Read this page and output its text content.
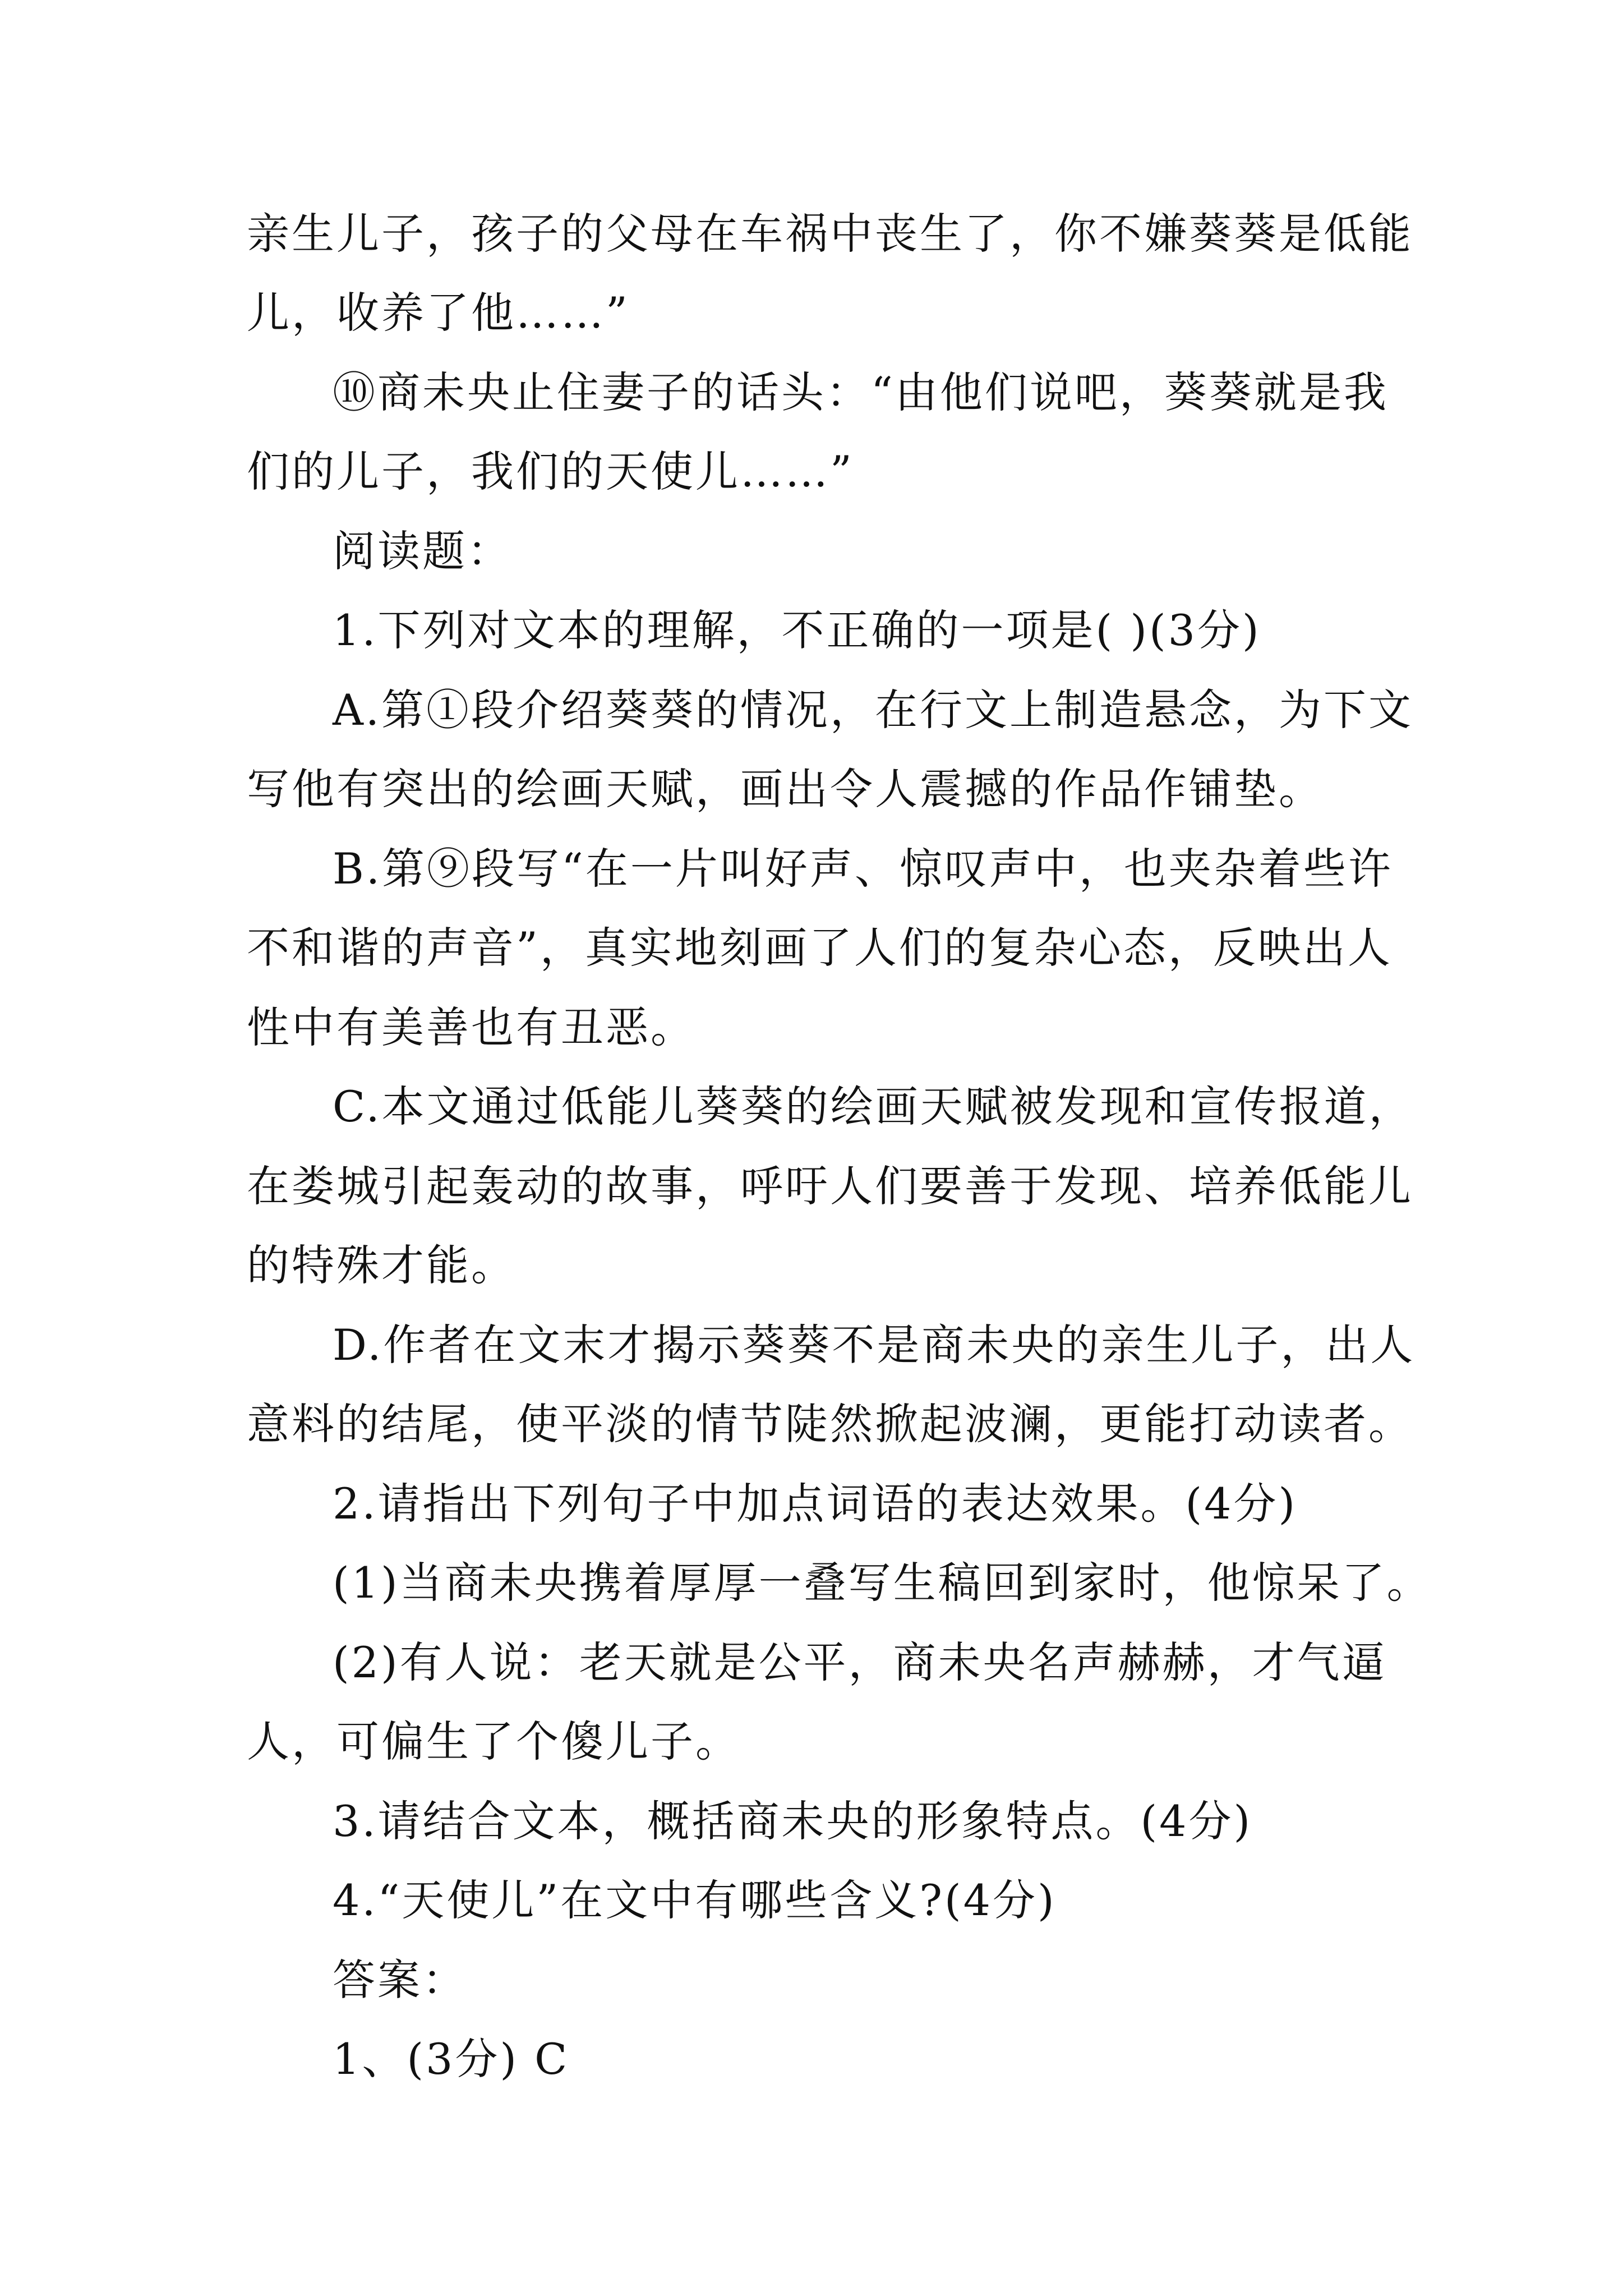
亲生儿子，孩子的父母在车祸中丧生了，你不嫌葵葵是低能
儿，收养了他……”
⑩商未央止住妻子的话头：“由他们说吧，葵葵就是我
们的儿子，我们的天使儿……”
阅读题：
1.下列对文本的理解，不正确的一项是( )(3分)
A.第①段介绍葵葵的情况，在行文上制造悬念，为下文
写他有突出的绘画天赋，画出令人震撼的作品作铺垫。
B.第⑨段写“在一片叫好声、惊叹声中，也夹杂着些许
不和谐的声音”，真实地刻画了人们的复杂心态，反映出人
性中有美善也有丑恶。
C.本文通过低能儿葵葵的绘画天赋被发现和宣传报道，
在娄城引起轰动的故事，呼吁人们要善于发现、培养低能儿
的特殊才能。
D.作者在文末才揭示葵葵不是商未央的亲生儿子，出人
意料的结尾，使平淡的情节陡然掀起波澜，更能打动读者。
2.请指出下列句子中加点词语的表达效果。(4分)
(1)当商未央携着厚厚一叠写生稿回到家时，他惊呆了。
(2)有人说：老天就是公平，商未央名声赫赫，才气逼
人，可偏生了个傻儿子。
3.请结合文本，概括商未央的形象特点。(4分)
4.“天使儿”在文中有哪些含义?(4分)
答案：
1、(3分) C
